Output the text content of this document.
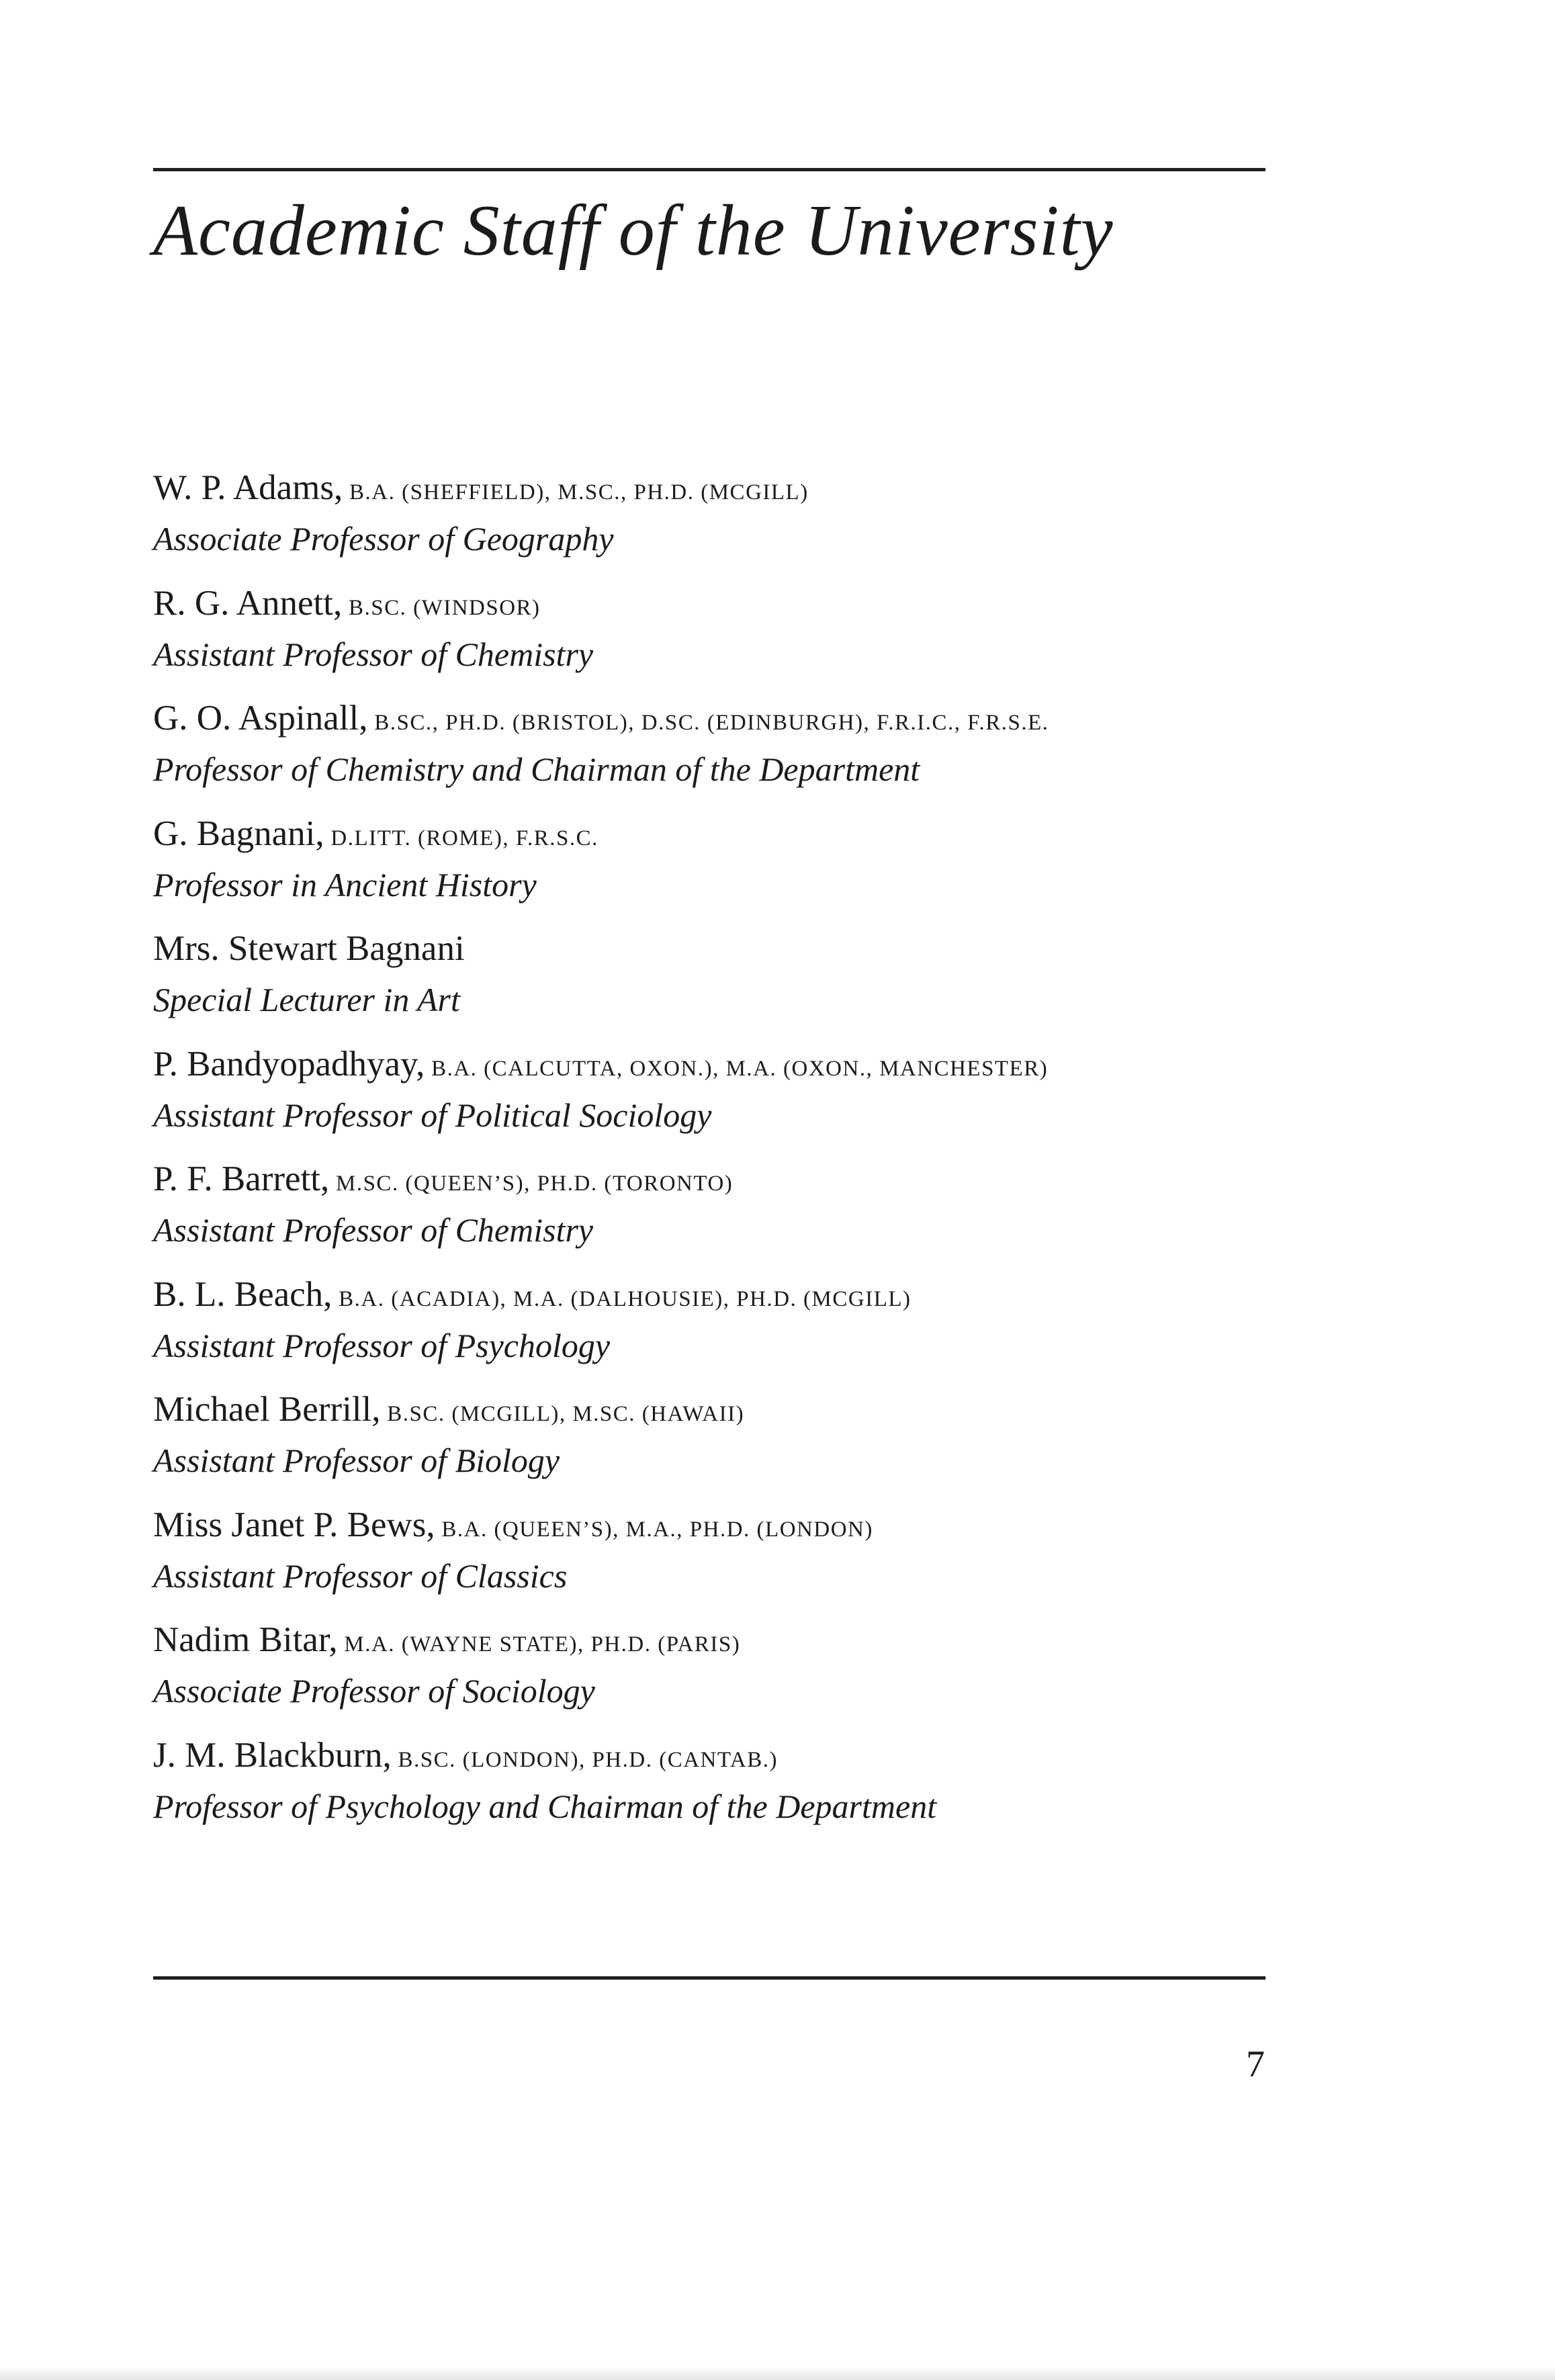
Academic Staff of the University
W. P. Adams, B.A. (SHEFFIELD), M.SC., PH.D. (MCGILL)
Associate Professor of Geography
R. G. Annett, B.SC. (WINDSOR)
Assistant Professor of Chemistry
G. O. Aspinall, B.SC., PH.D. (BRISTOL), D.SC. (EDINBURGH), F.R.I.C., F.R.S.E.
Professor of Chemistry and Chairman of the Department
G. Bagnani, D.LITT. (ROME), F.R.S.C.
Professor in Ancient History
Mrs. Stewart Bagnani
Special Lecturer in Art
P. Bandyopadhyay, B.A. (CALCUTTA, OXON.), M.A. (OXON., MANCHESTER)
Assistant Professor of Political Sociology
P. F. Barrett, M.SC. (QUEEN’S), PH.D. (TORONTO)
Assistant Professor of Chemistry
B. L. Beach, B.A. (ACADIA), M.A. (DALHOUSIE), PH.D. (MCGILL)
Assistant Professor of Psychology
Michael Berrill, B.SC. (MCGILL), M.SC. (HAWAII)
Assistant Professor of Biology
Miss Janet P. Bews, B.A. (QUEEN’S), M.A., PH.D. (LONDON)
Assistant Professor of Classics
Nadim Bitar, M.A. (WAYNE STATE), PH.D. (PARIS)
Associate Professor of Sociology
J. M. Blackburn, B.SC. (LONDON), PH.D. (CANTAB.)
Professor of Psychology and Chairman of the Department
7
